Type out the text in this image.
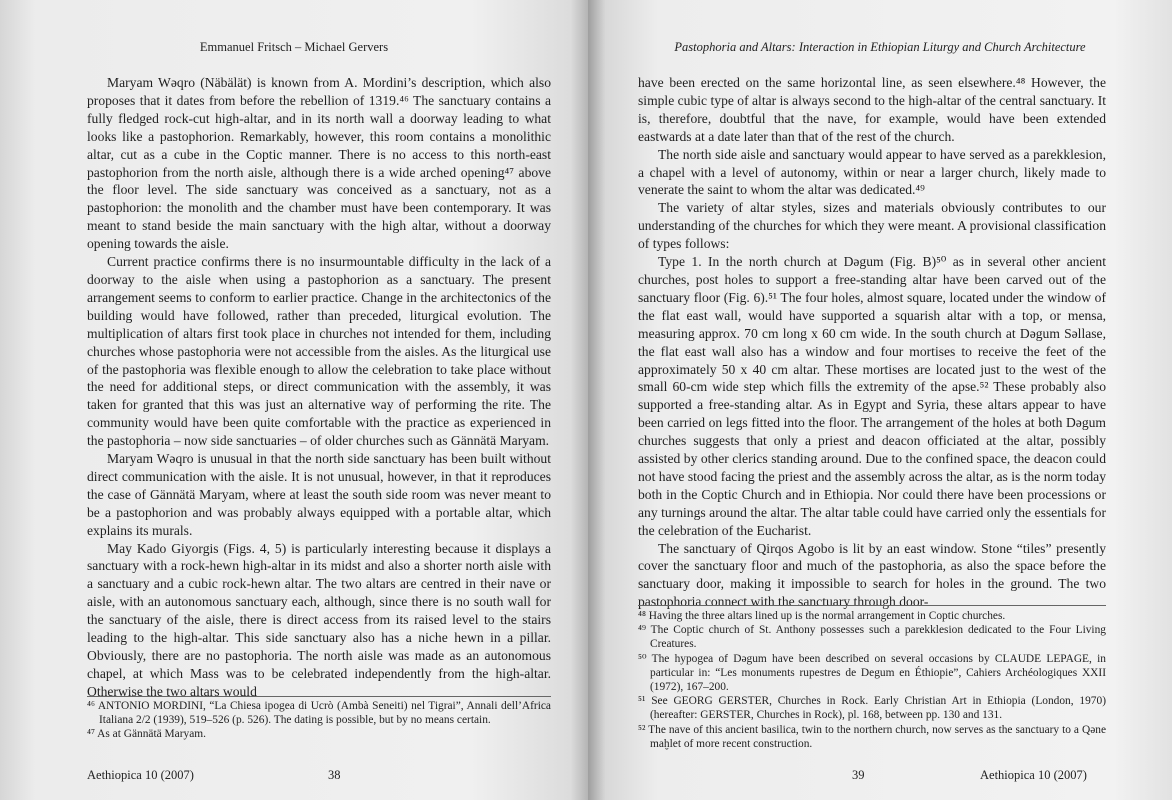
Emmanuel Fritsch – Michael Gervers

Maryam Wəqro (Näbälät) is known from A. Mordini’s description, which also proposes that it dates from before the rebellion of 1319.⁴⁶ The sanctuary contains a fully fledged rock-cut high-altar, and in its north wall a doorway leading to what looks like a pastophorion. Remarkably, however, this room contains a monolithic altar, cut as a cube in the Coptic manner. There is no access to this north-east pastophorion from the north aisle, although there is a wide arched opening⁴⁷ above the floor level. The side sanctuary was conceived as a sanctuary, not as a pastophorion: the monolith and the chamber must have been contemporary. It was meant to stand beside the main sanctuary with the high altar, without a doorway opening towards the aisle.

Current practice confirms there is no insurmountable difficulty in the lack of a doorway to the aisle when using a pastophorion as a sanctuary. The present arrangement seems to conform to earlier practice. Change in the architectonics of the building would have followed, rather than preceded, liturgical evolution. The multiplication of altars first took place in churches not intended for them, including churches whose pastophoria were not accessible from the aisles. As the liturgical use of the pastophoria was flexible enough to allow the celebration to take place without the need for additional steps, or direct communication with the assembly, it was taken for granted that this was just an alternative way of performing the rite. The community would have been quite comfortable with the practice as experienced in the pastophoria – now side sanctuaries – of older churches such as Gännätä Maryam.

Maryam Wəqro is unusual in that the north side sanctuary has been built without direct communication with the aisle. It is not unusual, however, in that it reproduces the case of Gännätä Maryam, where at least the south side room was never meant to be a pastophorion and was probably always equipped with a portable altar, which explains its murals.

May Kado Giyorgis (Figs. 4, 5) is particularly interesting because it displays a sanctuary with a rock-hewn high-altar in its midst and also a shorter north aisle with a sanctuary and a cubic rock-hewn altar. The two altars are centred in their nave or aisle, with an autonomous sanctuary each, although, since there is no south wall for the sanctuary of the aisle, there is direct access from its raised level to the stairs leading to the high-altar. This side sanctuary also has a niche hewn in a pillar. Obviously, there are no pastophoria. The north aisle was made as an autonomous chapel, at which Mass was to be celebrated independently from the high-altar. Otherwise the two altars would

⁴⁶ ANTONIO MORDINI, “La Chiesa ipogea di Ucrò (Ambà Seneiti) nel Tigrai”, Annali dell’Africa Italiana 2/2 (1939), 519–526 (p. 526). The dating is possible, but by no means certain.

⁴⁷ As at Gännätä Maryam.

Aethiopica 10 (2007)	38
Pastophoria and Altars: Interaction in Ethiopian Liturgy and Church Architecture

have been erected on the same horizontal line, as seen elsewhere.⁴⁸ However, the simple cubic type of altar is always second to the high-altar of the central sanctuary. It is, therefore, doubtful that the nave, for example, would have been extended eastwards at a date later than that of the rest of the church.

The north side aisle and sanctuary would appear to have served as a parekklesion, a chapel with a level of autonomy, within or near a larger church, likely made to venerate the saint to whom the altar was dedicated.⁴⁹

The variety of altar styles, sizes and materials obviously contributes to our understanding of the churches for which they were meant. A provisional classification of types follows:

Type 1. In the north church at Dəgum (Fig. B)⁵⁰ as in several other ancient churches, post holes to support a free-standing altar have been carved out of the sanctuary floor (Fig. 6).⁵¹ The four holes, almost square, located under the window of the flat east wall, would have supported a squarish altar with a top, or mensa, measuring approx. 70 cm long x 60 cm wide. In the south church at Dəgum Səllase, the flat east wall also has a window and four mortises to receive the feet of the approximately 50 x 40 cm altar. These mortises are located just to the west of the small 60-cm wide step which fills the extremity of the apse.⁵² These probably also supported a free-standing altar. As in Egypt and Syria, these altars appear to have been carried on legs fitted into the floor. The arrangement of the holes at both Dəgum churches suggests that only a priest and deacon officiated at the altar, possibly assisted by other clerics standing around. Due to the confined space, the deacon could not have stood facing the priest and the assembly across the altar, as is the norm today both in the Coptic Church and in Ethiopia. Nor could there have been processions or any turnings around the altar. The altar table could have carried only the essentials for the celebration of the Eucharist.

The sanctuary of Qirqos Agobo is lit by an east window. Stone “tiles” presently cover the sanctuary floor and much of the pastophoria, as also the space before the sanctuary door, making it impossible to search for holes in the ground. The two pastophoria connect with the sanctuary through door-

⁴⁸ Having the three altars lined up is the normal arrangement in Coptic churches.

⁴⁹ The Coptic church of St. Anthony possesses such a parekklesion dedicated to the Four Living Creatures.

⁵⁰ The hypogea of Dəgum have been described on several occasions by CLAUDE LEPAGE, in particular in: “Les monuments rupestres de Degum en Éthiopie”, Cahiers Archéologiques XXII (1972), 167–200.

⁵¹ See GEORG GERSTER, Churches in Rock. Early Christian Art in Ethiopia (London, 1970) (hereafter: GERSTER, Churches in Rock), pl. 168, between pp. 130 and 131.

⁵² The nave of this ancient basilica, twin to the northern church, now serves as the sanctuary to a Qəne maḫlet of more recent construction.

39	Aethiopica 10 (2007)
